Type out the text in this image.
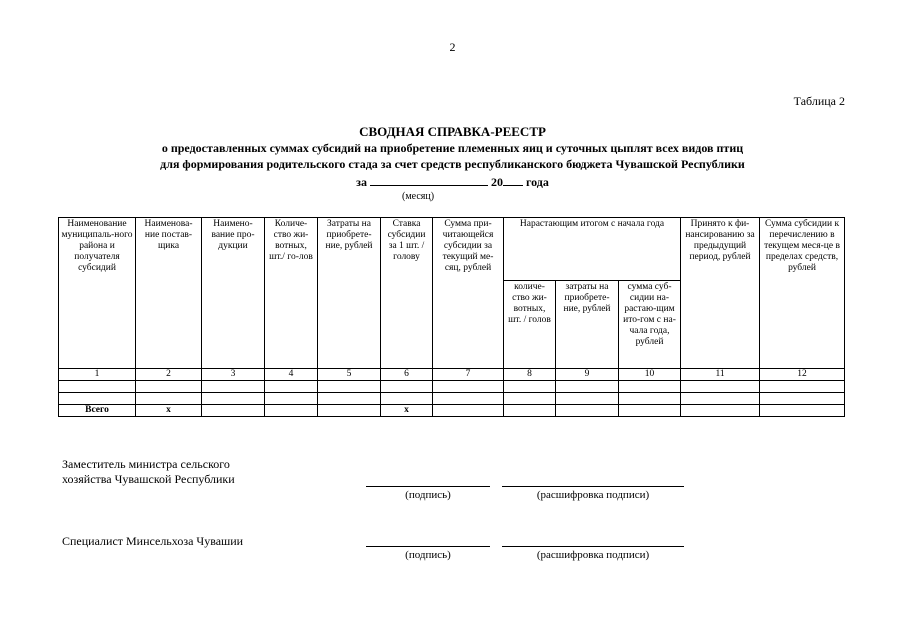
2
Таблица 2
СВОДНАЯ СПРАВКА-РЕЕСТР
о предоставленных суммах субсидий на приобретение племенных яиц и суточных цыплят всех видов птиц
для формирования родительского стада за счет средств республиканского бюджета Чувашской Республики
за	20 года
(месяц)
Наименование муниципаль-ного района и получателя субсидий	Наименова-ние постав-щика	Наимено-вание про-дукции	Количе-ство жи-вотных, шт./ го-лов	Затраты на приобрете-ние, рублей	Ставка субсидии за 1 шт. / голову	Сумма при-читающейся субсидии за текущий ме-сяц, рублей	Нарастающим итогом с начала года			Принято к фи-нансированию за предыдущий период, рублей	Сумма субсидии к перечислению в текущем меся-це в пределах средств, рублей
							количе-ство жи-вотных, шт. / голов	затраты на приобрете-ние, рублей	сумма суб-сидии на-растаю-щим ито-гом с на-чала года, рублей		
1	2	3	4	5	6	7	8	9	10	11	12

Всего	х				х						
Заместитель министра сельского
хозяйства Чувашской Республики
(подпись)	(расшифровка подписи)
Специалист Минсельхоза Чувашии
(подпись)	(расшифровка подписи)
